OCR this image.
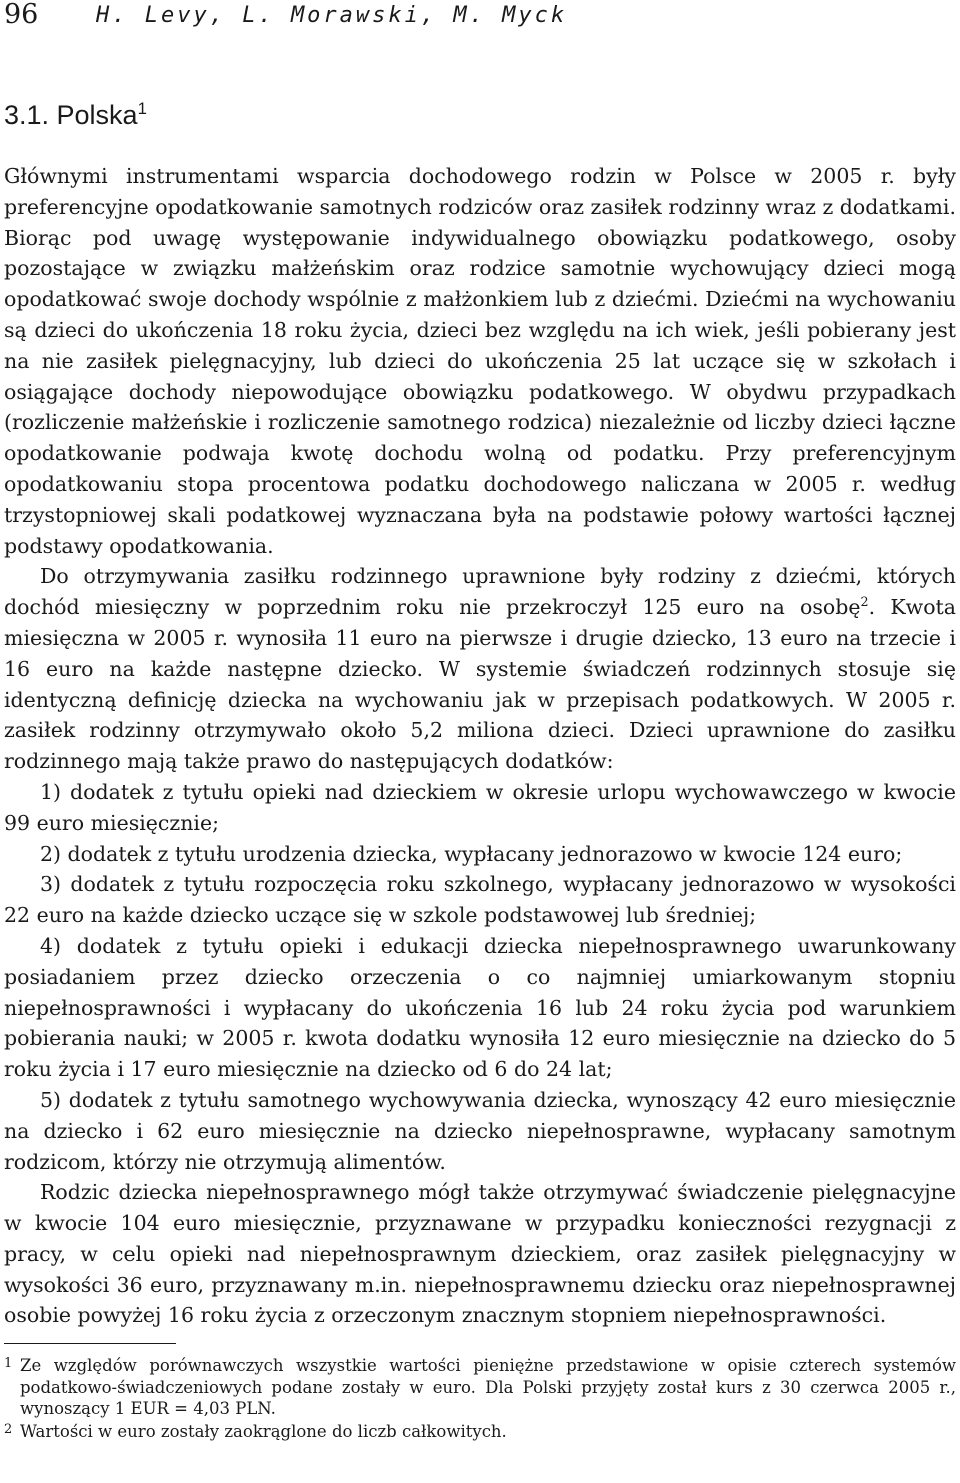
96	H. Levy, L. Morawski, M. Myck
3.1. Polska$^1$

Głównymi instrumentami wsparcia dochodowego rodzin w Polsce w 2005 r. były preferencyjne opodatkowanie samotnych rodziców oraz zasiłek rodzinny wraz z dodatkami. Biorąc pod uwagę występowanie indywidualnego obowiązku podatkowego, osoby pozostające w związku małżeńskim oraz rodzice samotnie wychowujący dzieci mogą opodatkować swoje dochody wspólnie z małżonkiem lub z dziećmi. Dziećmi na wychowaniu są dzieci do ukończenia 18 roku życia, dzieci bez względu na ich wiek, jeśli pobierany jest na nie zasiłek pielęgnacyjny, lub dzieci do ukończenia 25 lat uczące się w szkołach i osiągające dochody niepowodujące obowiązku podatkowego. W obydwu przypadkach (rozliczenie małżeńskie i rozliczenie samotnego rodzica) niezależnie od liczby dzieci łączne opodatkowanie podwaja kwotę dochodu wolną od podatku. Przy preferencyjnym opodatkowaniu stopa procentowa podatku dochodowego naliczana w 2005 r. według trzystopniowej skali podatkowej wyznaczana była na podstawie połowy wartości łącznej podstawy opodatkowania.

Do otrzymywania zasiłku rodzinnego uprawnione były rodziny z dziećmi, których dochód miesięczny w poprzednim roku nie przekroczył 125 euro na osobę$^2$. Kwota miesięczna w 2005 r. wynosiła 11 euro na pierwsze i drugie dziecko, 13 euro na trzecie i 16 euro na każde następne dziecko. W systemie świadczeń rodzinnych stosuje się identyczną definicję dziecka na wychowaniu jak w przepisach podatkowych. W 2005 r. zasiłek rodzinny otrzymywało około 5,2 miliona dzieci. Dzieci uprawnione do zasiłku rodzinnego mają także prawo do następujących dodatków:

1) dodatek z tytułu opieki nad dzieckiem w okresie urlopu wychowawczego w kwocie 99 euro miesięcznie;

2) dodatek z tytułu urodzenia dziecka, wypłacany jednorazowo w kwocie 124 euro;

3) dodatek z tytułu rozpoczęcia roku szkolnego, wypłacany jednorazowo w wysokości 22 euro na każde dziecko uczące się w szkole podstawowej lub średniej;

4) dodatek z tytułu opieki i edukacji dziecka niepełnosprawnego uwarunkowany posiadaniem przez dziecko orzeczenia o co najmniej umiarkowanym stopniu niepełnosprawności i wypłacany do ukończenia 16 lub 24 roku życia pod warunkiem pobierania nauki; w 2005 r. kwota dodatku wynosiła 12 euro miesięcznie na dziecko do 5 roku życia i 17 euro miesięcznie na dziecko od 6 do 24 lat;

5) dodatek z tytułu samotnego wychowywania dziecka, wynoszący 42 euro miesięcznie na dziecko i 62 euro miesięcznie na dziecko niepełnosprawne, wypłacany samotnym rodzicom, którzy nie otrzymują alimentów.

Rodzic dziecka niepełnosprawnego mógł także otrzymywać świadczenie pielęgnacyjne w kwocie 104 euro miesięcznie, przyznawane w przypadku konieczności rezygnacji z pracy, w celu opieki nad niepełnosprawnym dzieckiem, oraz zasiłek pielęgnacyjny w wysokości 36 euro, przyznawany m.in. niepełnosprawnemu dziecku oraz niepełnosprawnej osobie powyżej 16 roku życia z orzeczonym znacznym stopniem niepełnosprawności.

1 Ze względów porównawczych wszystkie wartości pieniężne przedstawione w opisie czterech systemów podatkowo-świadczeniowych podane zostały w euro. Dla Polski przyjęty został kurs z 30 czerwca 2005 r., wynoszący 1 EUR = 4,03 PLN.

2 Wartości w euro zostały zaokrąglone do liczb całkowitych.
